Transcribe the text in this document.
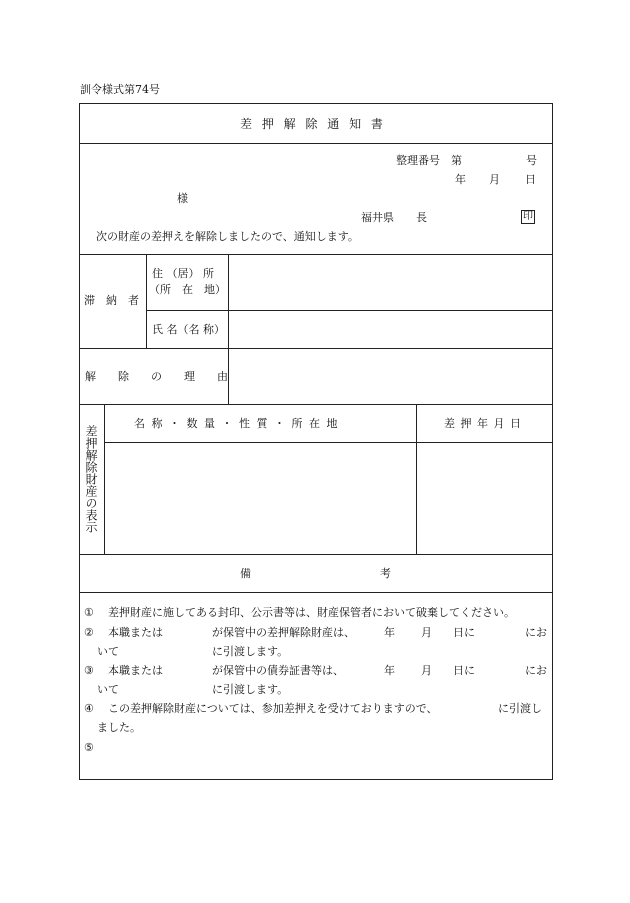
訓令様式第74号
差 押 解 除 通 知 書
整理番号　第	号
年 月 日
様
福井県　　長	印
次の財産の差押えを解除しましたので、通知します。
滞　納　者
住 （居） 所
（所　在　地）
氏 名（名 称）
解　　除　　の　　理　　由
差押解除財産の表示
名 称 ・ 数 量 ・ 性 質 ・ 所 在 地	差 押 年 月 日
備	考
① 差押財産に施してある封印、公示書等は、財産保管者において破棄してください。
② 本職または	が保管中の差押解除財産は、	年 月 日に	にお
いて	に引渡します。
③ 本職または	が保管中の債券証書等は、	年 月 日に	にお
いて	に引渡します。
④ この差押解除財産については、参加差押えを受けておりますので、	に引渡し
ました。
⑤
